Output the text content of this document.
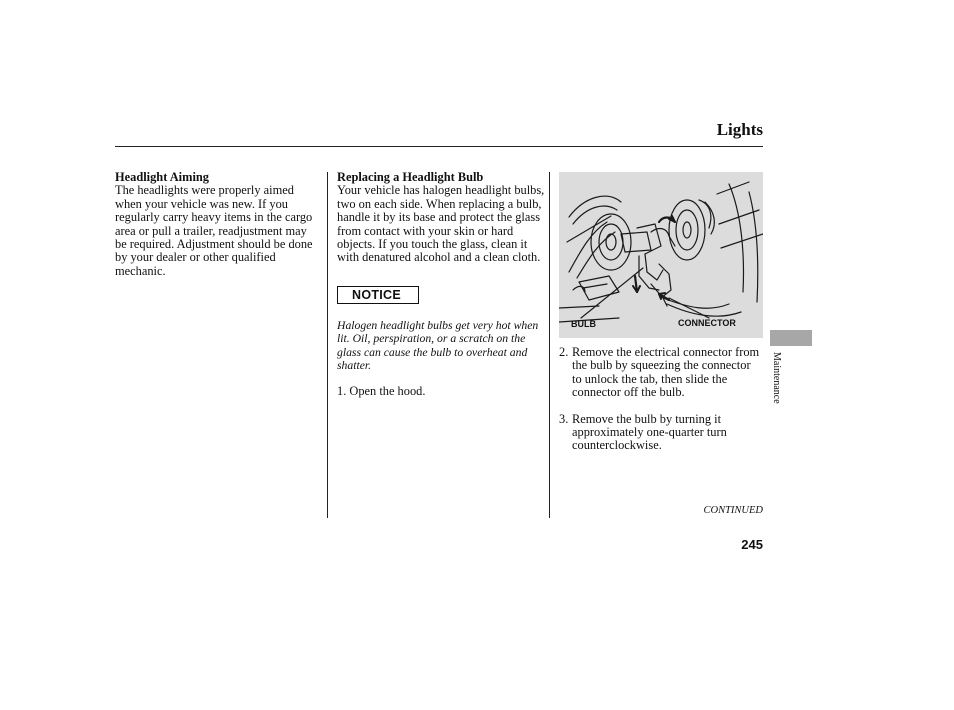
Lights
Headlight Aiming

The headlights were properly aimed when your vehicle was new. If you regularly carry heavy items in the cargo area or pull a trailer, readjustment may be required. Adjustment should be done by your dealer or other qualified mechanic.

Replacing a Headlight Bulb

Your vehicle has halogen headlight bulbs, two on each side. When replacing a bulb, handle it by its base and protect the glass from contact with your skin or hard objects. If you touch the glass, clean it with denatured alcohol and a clean cloth.

NOTICE

Halogen headlight bulbs get very hot when lit. Oil, perspiration, or a scratch on the glass can cause the bulb to overheat and shatter.

1. Open the hood.

BULB	CONNECTOR
2. Remove the electrical connector from the bulb by squeezing the connector to unlock the tab, then slide the connector off the bulb.
3. Remove the bulb by turning it approximately one-quarter turn counterclockwise.
Maintenance
CONTINUED
245
